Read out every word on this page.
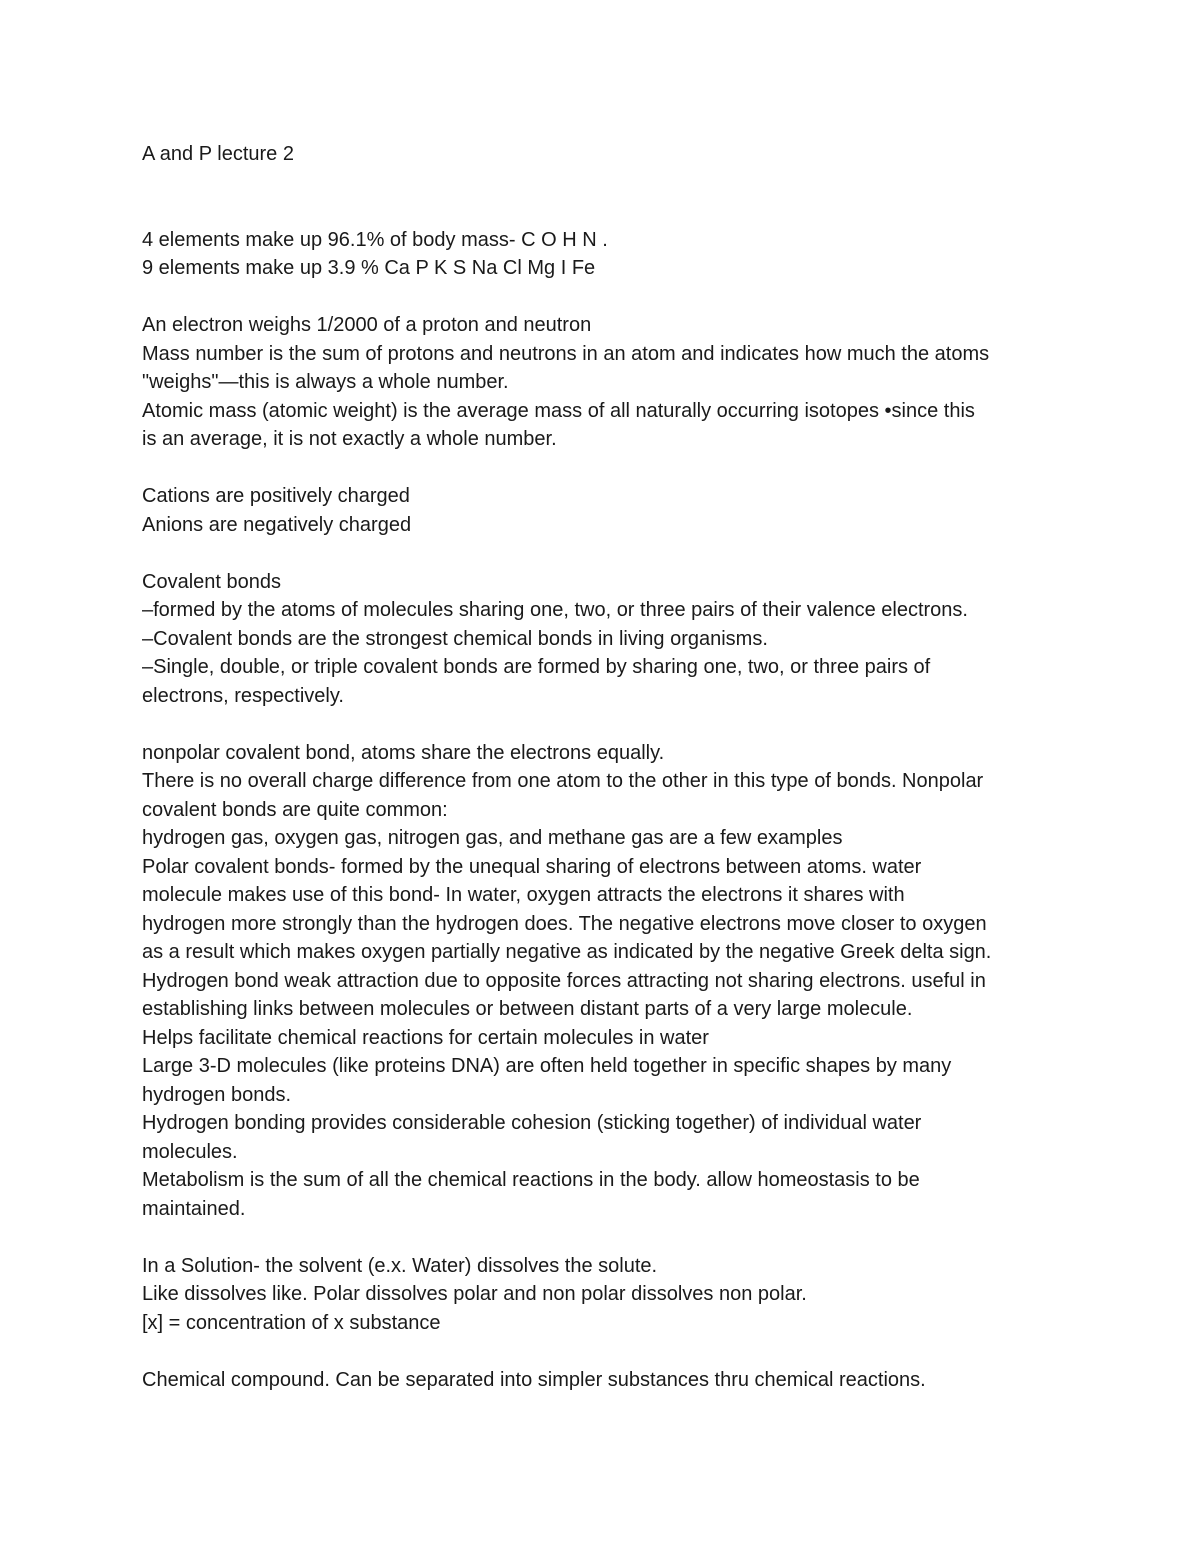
A and P lecture 2
4 elements make up 96.1% of body mass- C O H N .
9 elements make up 3.9 % Ca P K S Na Cl Mg I Fe
An electron weighs 1/2000 of a proton and neutron
Mass number is the sum of protons and neutrons in an atom and indicates how much the atoms
"weighs"—this is always a whole number.
Atomic mass (atomic weight) is the average mass of all naturally occurring isotopes •since this
is an average, it is not exactly a whole number.
Cations are positively charged
Anions are negatively charged
Covalent bonds
–formed by the atoms of molecules sharing one, two, or three pairs of their valence electrons.
–Covalent bonds are the strongest chemical bonds in living organisms.
–Single, double, or triple covalent bonds are formed by sharing one, two, or three pairs of
electrons, respectively.
nonpolar covalent bond, atoms share the electrons equally.
There is no overall charge difference from one atom to the other in this type of bonds. Nonpolar
covalent bonds are quite common:
hydrogen gas, oxygen gas, nitrogen gas, and methane gas are a few examples
Polar covalent bonds- formed by the unequal sharing of electrons between atoms. water
molecule makes use of this bond- In water, oxygen attracts the electrons it shares with
hydrogen more strongly than the hydrogen does. The negative electrons move closer to oxygen
as a result which makes oxygen partially negative as indicated by the negative Greek delta sign.
Hydrogen bond weak attraction due to opposite forces attracting not sharing electrons. useful in
establishing links between molecules or between distant parts of a very large molecule.
Helps facilitate chemical reactions for certain molecules in water
Large 3-D molecules (like proteins DNA) are often held together in specific shapes by many
hydrogen bonds.
Hydrogen bonding provides considerable cohesion (sticking together) of individual water
molecules.
Metabolism is the sum of all the chemical reactions in the body. allow homeostasis to be
maintained.
In a Solution- the solvent (e.x. Water) dissolves the solute.
Like dissolves like. Polar dissolves polar and non polar dissolves non polar.
[x] = concentration of x substance
Chemical compound. Can be separated into simpler substances thru chemical reactions.
